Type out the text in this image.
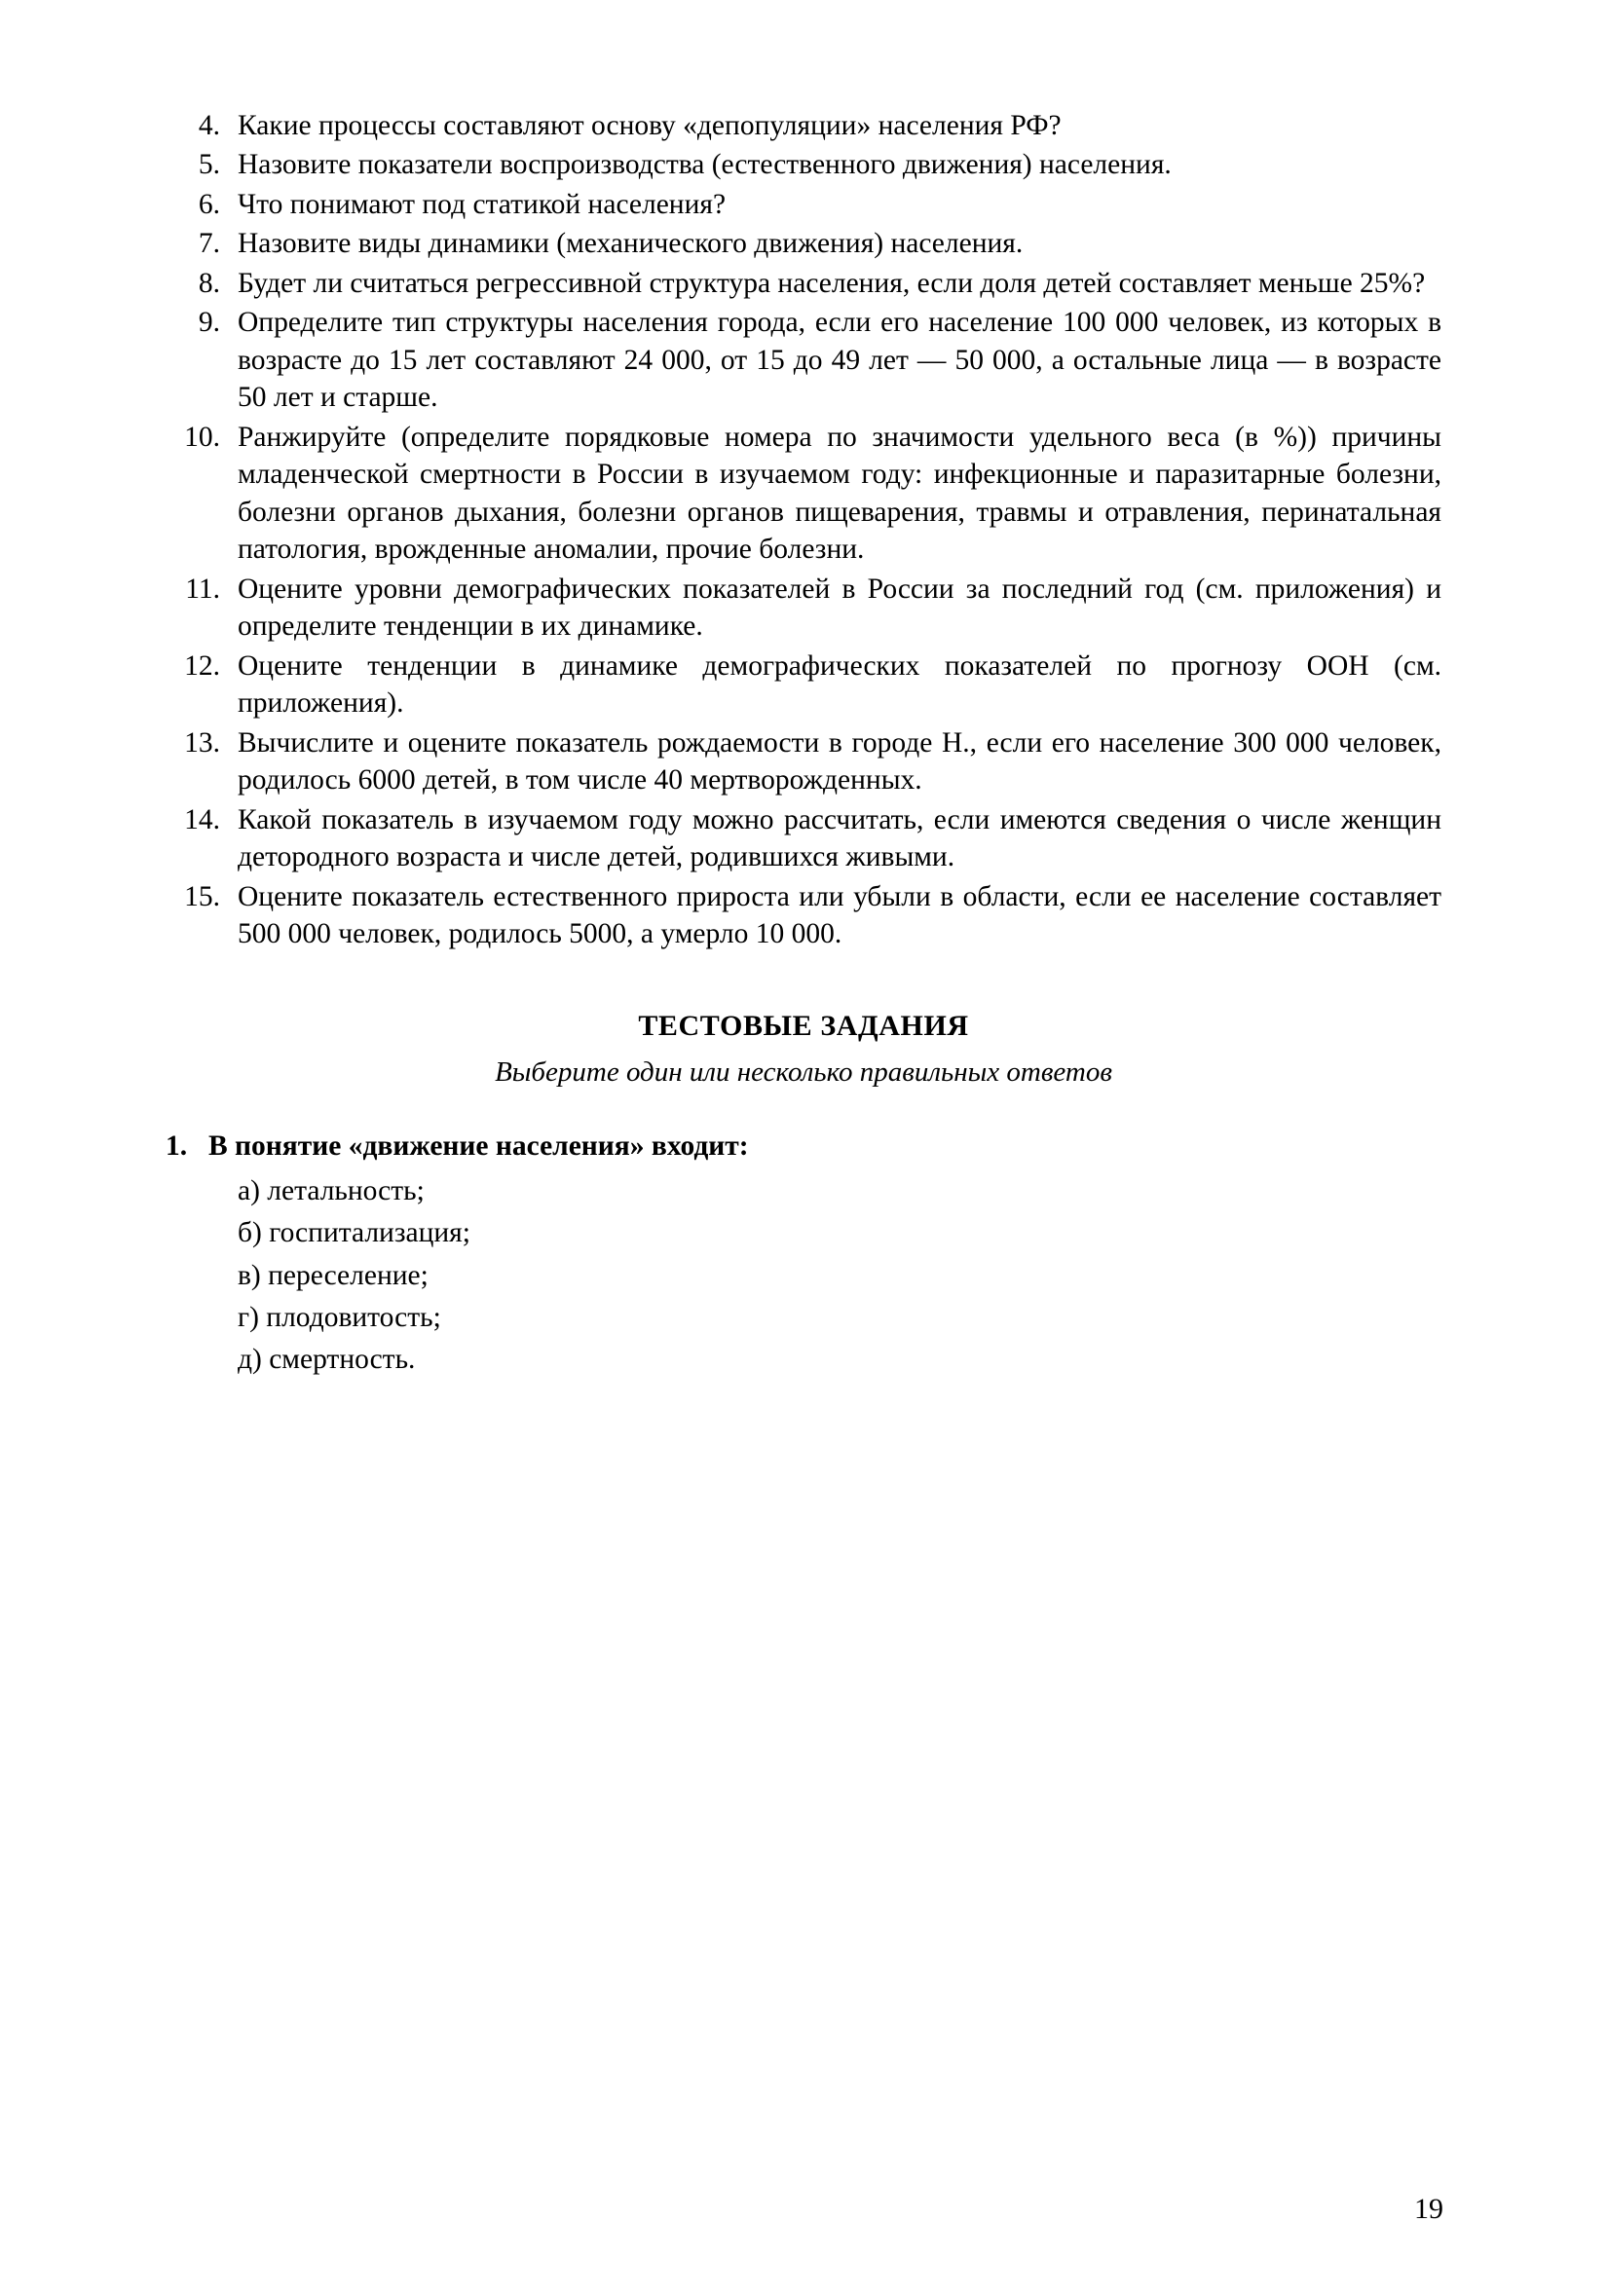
4. Какие процессы составляют основу «депопуляции» населения РФ?
5. Назовите показатели воспроизводства (естественного движения) населения.
6. Что понимают под статикой населения?
7. Назовите виды динамики (механического движения) населения.
8. Будет ли считаться регрессивной структура населения, если доля детей составляет меньше 25%?
9. Определите тип структуры населения города, если его население 100 000 человек, из которых в возрасте до 15 лет составляют 24 000, от 15 до 49 лет — 50 000, а остальные лица — в возрасте 50 лет и старше.
10. Ранжируйте (определите порядковые номера по значимости удельного веса (в %)) причины младенческой смертности в России в изучаемом году: инфекционные и паразитарные болезни, болезни органов дыхания, болезни органов пищеварения, травмы и отравления, перинатальная патология, врожденные аномалии, прочие болезни.
11. Оцените уровни демографических показателей в России за последний год (см. приложения) и определите тенденции в их динамике.
12. Оцените тенденции в динамике демографических показателей по прогнозу ООН (см. приложения).
13. Вычислите и оцените показатель рождаемости в городе Н., если его население 300 000 человек, родилось 6000 детей, в том числе 40 мертворожденных.
14. Какой показатель в изучаемом году можно рассчитать, если имеются сведения о числе женщин детородного возраста и числе детей, родившихся живыми.
15. Оцените показатель естественного прироста или убыли в области, если ее население составляет 500 000 человек, родилось 5000, а умерло 10 000.
ТЕСТОВЫЕ ЗАДАНИЯ
Выберите один или несколько правильных ответов
1. В понятие «движение населения» входит:
а) летальность;
б) госпитализация;
в) переселение;
г) плодовитость;
д) смертность.
19
